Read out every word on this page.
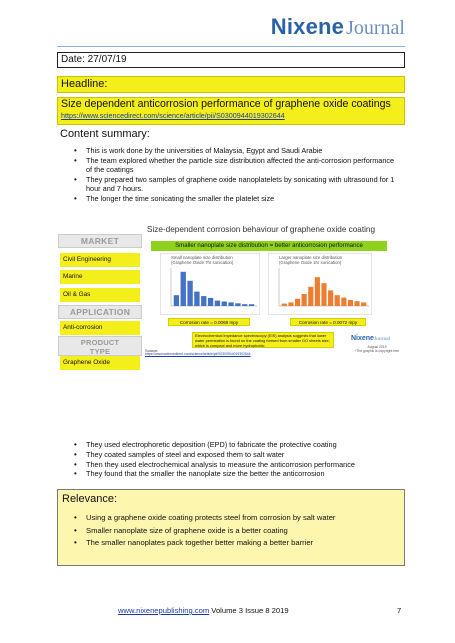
Nixene Journal
Date: 27/07/19
Headline:
Size dependent anticorrosion performance of graphene oxide coatings
https://www.sciencedirect.com/science/article/pii/S0300944019302644
Content summary:
• This is work done by the universities of Malaysia, Egypt and Saudi Arabie
• The team explored whether the particle size distribution affected the anti-corrosion performance of the coatings
• They prepared two samples of graphene oxide nanoplatelets by sonicating with ultrasound for 1 hour and 7 hours.
• The longer the time sonicating the smaller the platelet size
Size-dependent corrosion behaviour of graphene oxide coating
MARKET
Civil Engineering
Marine
Oil & Gas
APPLICATION
Anti-corrosion
PRODUCT
TYPE
Graphene Oxide
Smaller nanoplate size distribution = better anticorrosion performance
Small nanoplate size distribution
(Graphene Oxide 7hr sonication)
Corrosion rate = 0.0069 mpy
Larger nanoplate size distribution
(Graphene Oxide 1hr sonication)
Corrosion rate = 0.0072 mpy
Electrochemical impedance spectroscopy (EIS) analysis suggests that lower water permeation is found on the coating formed from smaller GO sheets size, which is compact and more hydrophobic
Source:
https://www.sciencedirect.com/science/article/pii/S0300944019302644
NixeneJournal
August 2019
*The graphic is copyright free
• They used electrophoretic deposition (EPD) to fabricate the protective coating
• They coated samples of steel and exposed them to salt water
• Then they used electrochemical analysis to measure the anticorrosion performance
• They found that the smaller the nanoplate size the better the anticorrosion
Relevance:
• Using a graphene oxide coating protects steel from corrosion by salt water
• Smaller nanoplate size of graphene oxide is a better coating
• The smaller nanoplates pack together better making a better barrier
www.nixenepublishing.com Volume 3 Issue 8 2019	7
